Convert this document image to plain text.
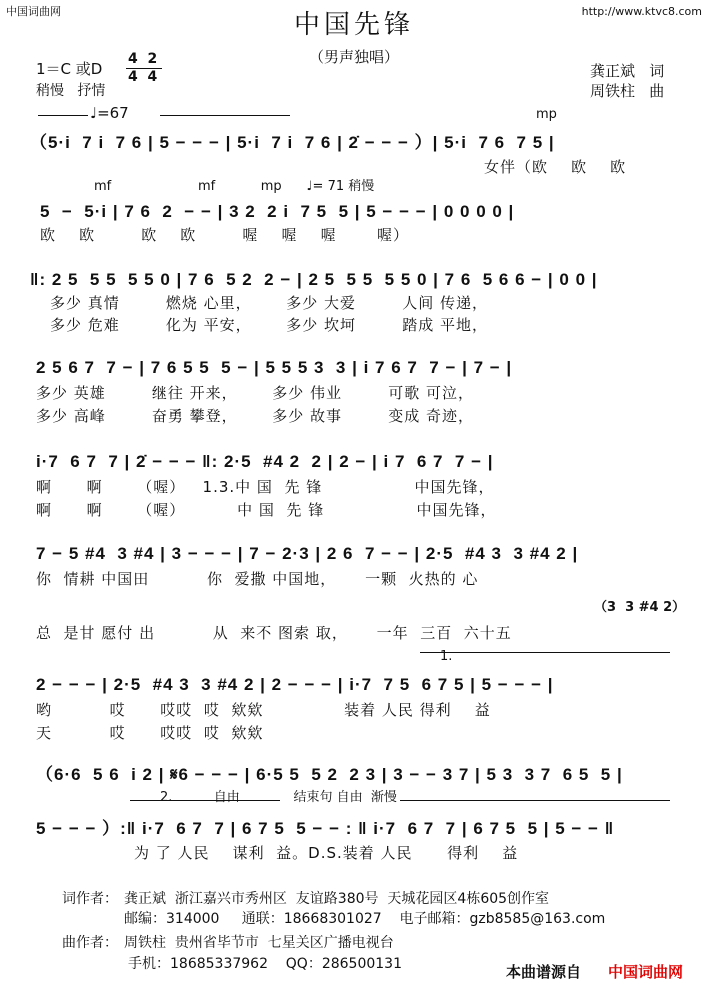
中国词曲网	http://www.ktvc8.com
中国先锋
（男声独唱）
1＝C 或D
4  2
4  4
稍慢   抒情
龚正斌   词
周铁柱   曲
♩=67	mp
（5·i  7 i  7 6 | 5 − − − | 5·i  7 i  7 6 | 2̇ − − − ）| 5·i  7 6  7 5 |
女伴（欧    欧    欧
mf                     mf           mp      ♩= 71 稍慢
5  −  5·i | 7 6  2  − − | 3 2  2 i  7 5  5 | 5 − − − | 0 0 0 0 |
欧    欧        欧    欧        喔    喔    喔       喔）
‖: 2 5  5 5  5 5 0 | 7 6  5 2  2 − | 2 5  5 5  5 5 0 | 7 6  5 6 6 − | 0 0 |
多少 真情        燃烧 心里，      多少 大爱        人间 传递，
多少 危难        化为 平安，      多少 坎坷        踏成 平地，
2 5 6 7  7 − | 7 6 5 5  5 − | 5 5 5 3  3 | i 7 6 7  7 − | 7 − |
多少 英雄        继往 开来，      多少 伟业        可歌 可泣，
多少 高峰        奋勇 攀登，      多少 故事        变成 奇迹，
i·7  6 7  7 | 2̇ − − − ‖: 2·5  #4 2  2 | 2 − | i 7  6 7  7 − |
啊      啊      （喔）   1.3.中 国  先 锋                中国先锋，
啊      啊      （喔）         中 国  先 锋                中国先锋，
7 − 5 #4  3 #4 | 3 − − − | 7 − 2·3 | 2 6  7 − − | 2·5  #4 3  3 #4 2 |
你  情耕 中国田          你  爱撒 中国地，     一颗  火热的 心
（3  3 #4 2）
总  是甘 愿付 出          从  来不 图索 取，     一年  三百  六十五
1.
2 − − − | 2·5  #4 3  3 #4 2 | 2 − − − | i·7  7 5  6 7 5 | 5 − − − |
哟          哎      哎哎  哎  欸欸              装着 人民 得利    益
天          哎      哎哎  哎  欸欸
（6·6  5 6  i 2 | 𝄋6 − − − | 6·5 5  5 2  2 3 | 3 − − 3 7 | 5 3  3 7  6 5  5 |
2.          自由             结束句 自由  渐慢
5 − − − ）:‖ i·7  6 7  7 | 6 7 5  5 − − : ‖ i·7  6 7  7 | 6 7 5  5 | 5 − − ‖
为 了 人民    谋利  益。D.S.装着 人民      得利    益
词作者： 龚正斌  浙江嘉兴市秀州区  友谊路380号  天城花园区4栋605创作室
邮编：314000     通联：18668301027    电子邮箱：gzb8585@163.com
曲作者： 周铁柱  贵州省毕节市  七星关区广播电视台
手机：18685337962    QQ：286500131	本曲谱源自 中国词曲网
